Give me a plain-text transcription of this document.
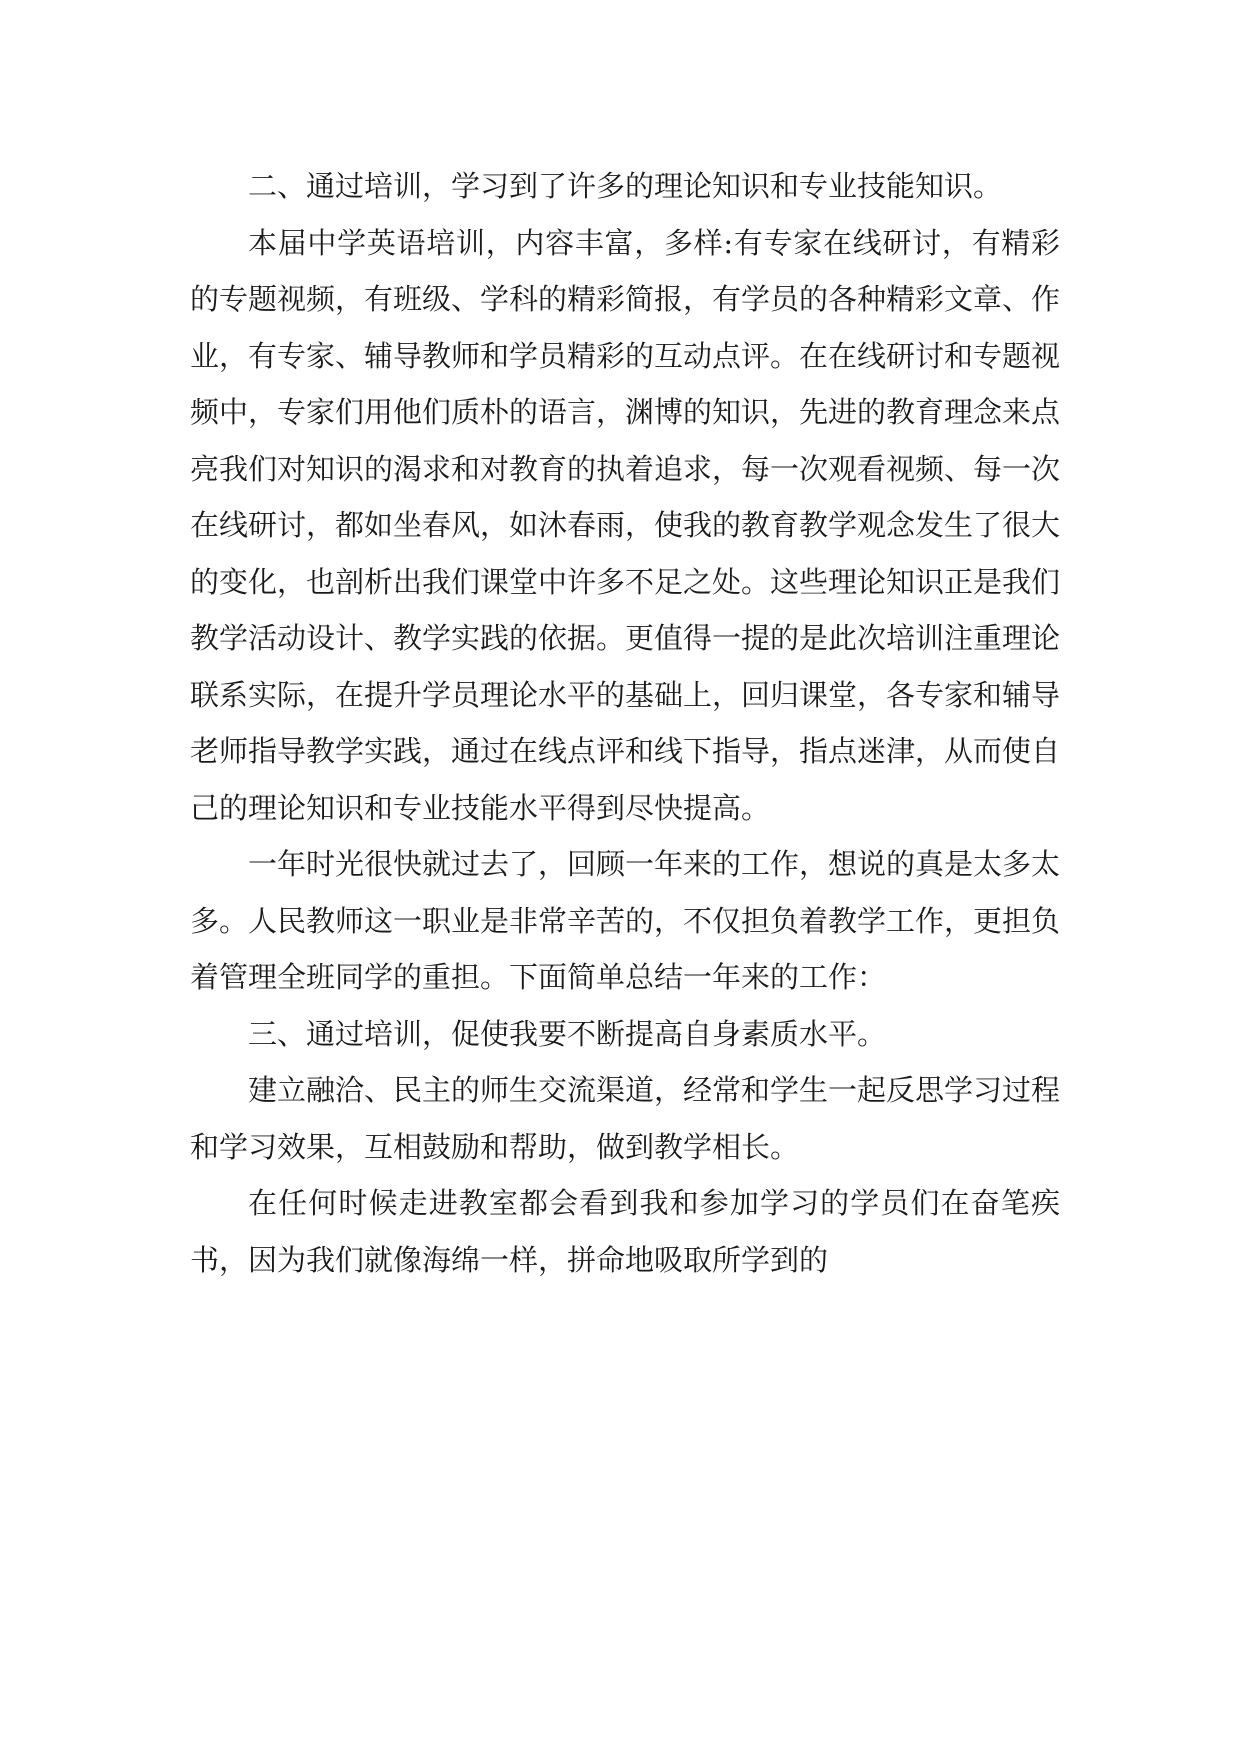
二、通过培训，学习到了许多的理论知识和专业技能知识。

本届中学英语培训，内容丰富，多样:有专家在线研讨，有精彩的专题视频，有班级、学科的精彩简报，有学员的各种精彩文章、作业，有专家、辅导教师和学员精彩的互动点评。在在线研讨和专题视频中，专家们用他们质朴的语言，渊博的知识，先进的教育理念来点亮我们对知识的渴求和对教育的执着追求，每一次观看视频、每一次在线研讨，都如坐春风，如沐春雨，使我的教育教学观念发生了很大的变化，也剖析出我们课堂中许多不足之处。这些理论知识正是我们教学活动设计、教学实践的依据。更值得一提的是此次培训注重理论联系实际，在提升学员理论水平的基础上，回归课堂，各专家和辅导老师指导教学实践，通过在线点评和线下指导，指点迷津，从而使自己的理论知识和专业技能水平得到尽快提高。

一年时光很快就过去了，回顾一年来的工作，想说的真是太多太多。人民教师这一职业是非常辛苦的，不仅担负着教学工作，更担负着管理全班同学的重担。下面简单总结一年来的工作：

三、通过培训，促使我要不断提高自身素质水平。

建立融洽、民主的师生交流渠道，经常和学生一起反思学习过程和学习效果，互相鼓励和帮助，做到教学相长。

在任何时候走进教室都会看到我和参加学习的学员们在奋笔疾书，因为我们就像海绵一样，拼命地吸取所学到的
